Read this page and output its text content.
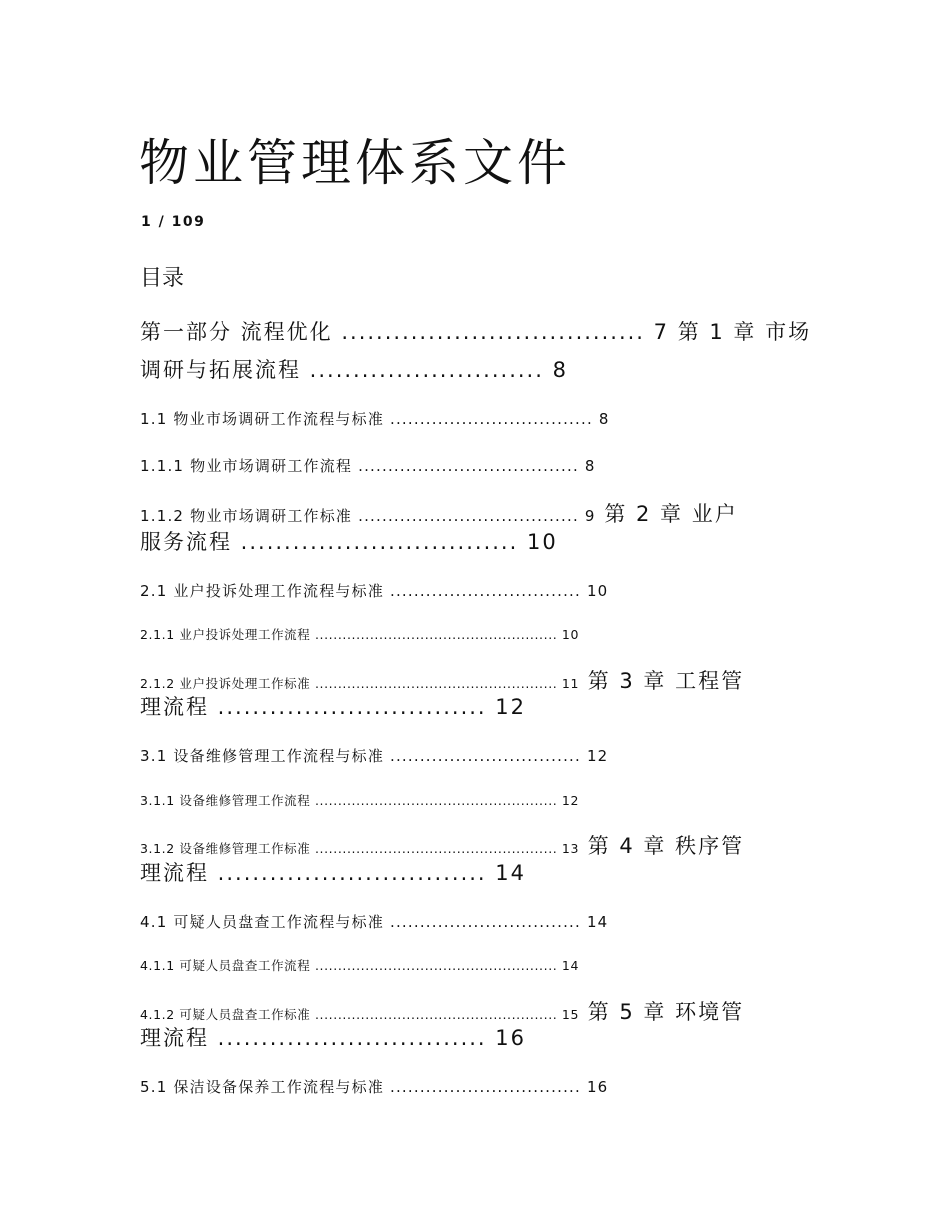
物业管理体系文件
1 / 109
目录
第一部分 流程优化 ................................... 7 第 1 章 市场
调研与拓展流程 ........................... 8
1.1 物业市场调研工作流程与标准 .................................. 8
1.1.1 物业市场调研工作流程 ..................................... 8
1.1.2 物业市场调研工作标准 ..................................... 9 第 2 章 业户
服务流程 ................................ 10
2.1 业户投诉处理工作流程与标准 ................................ 10
2.1.1 业户投诉处理工作流程 ..................................................... 10
2.1.2 业户投诉处理工作标准 ..................................................... 11 第 3 章 工程管
理流程 ............................... 12
3.1 设备维修管理工作流程与标准 ................................ 12
3.1.1 设备维修管理工作流程 ..................................................... 12
3.1.2 设备维修管理工作标准 ..................................................... 13 第 4 章 秩序管
理流程 ............................... 14
4.1 可疑人员盘查工作流程与标准 ................................ 14
4.1.1 可疑人员盘查工作流程 ..................................................... 14
4.1.2 可疑人员盘查工作标准 ..................................................... 15 第 5 章 环境管
理流程 ............................... 16
5.1 保洁设备保养工作流程与标准 ................................ 16
